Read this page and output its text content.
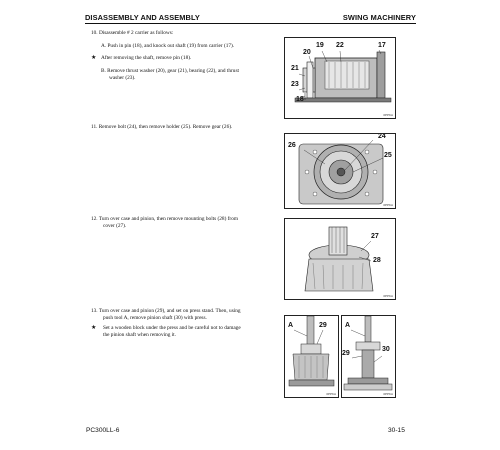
DISASSEMBLY AND ASSEMBLY	SWING MACHINERY
10. Disassemble # 2 carrier as follows:
A. Push in pin (18), and knock out shaft (19) from carrier (17).
★ After removing the shaft, remove pin (18).
B. Remove thrust washer (20), gear (21), bearing (22), and thrust
washer (23).
19 22	17
20
21
23
18
0PPKA
11. Remove bolt (24), then remove holder (25). Remove gear (26).
24
26
25
0PPKA
12. Turn over case and pinion, then remove mounting bolts (28) from
cover (27).
27
28
0PPKA
13. Turn over case and pinion (29), and set on press stand. Then, using
push tool A, remove pinion shaft (30) with press.
★ Set a wooden block under the press and be careful not to damage
the pinion shaft when removing it.
A	29
0PPKA
A
29
30
0PPKA
PC300LL-6	30-15
